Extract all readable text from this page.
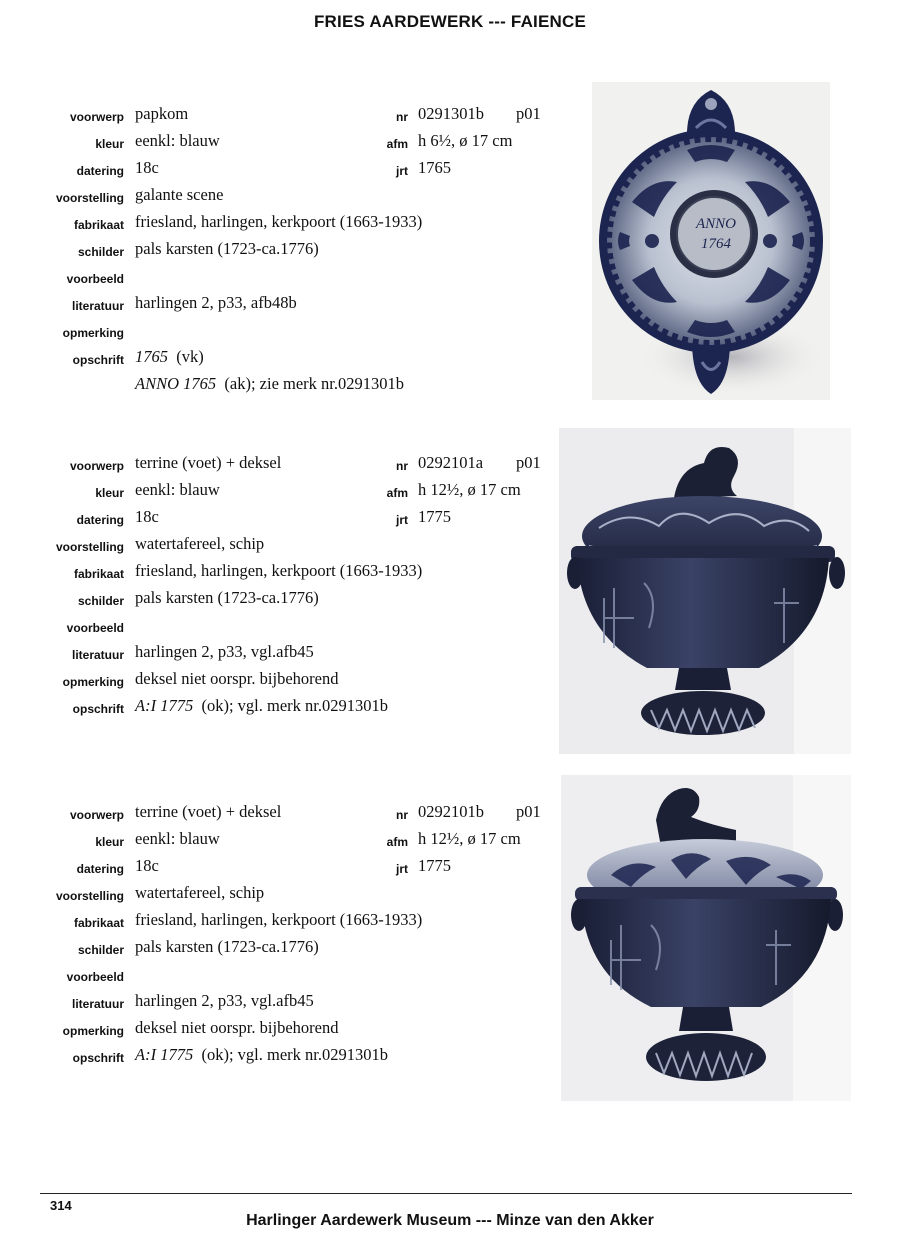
FRIES AARDEWERK --- FAIENCE
voorwerp papkom	nr 0291301b p01
kleur eenkl: blauw	afm h 6½, ø 17 cm
datering 18c	jrt 1765
voorstelling galante scene
fabrikaat friesland, harlingen, kerkpoort (1663-1933)
schilder pals karsten (1723-ca.1776)
voorbeeld
literatuur harlingen 2, p33, afb48b
opmerking
opschrift 1765 (vk)
ANNO 1765 (ak); zie merk nr.0291301b
ANNO
1764
voorwerp terrine (voet) + deksel	nr 0292101a p01
kleur eenkl: blauw	afm h 12½, ø 17 cm
datering 18c	jrt 1775
voorstelling watertafereel, schip
fabrikaat friesland, harlingen, kerkpoort (1663-1933)
schilder pals karsten (1723-ca.1776)
voorbeeld
literatuur harlingen 2, p33, vgl.afb45
opmerking deksel niet oorspr. bijbehorend
opschrift A:I 1775 (ok); vgl. merk nr.0291301b
voorwerp terrine (voet) + deksel	nr 0292101b p01
kleur eenkl: blauw	afm h 12½, ø 17 cm
datering 18c	jrt 1775
voorstelling watertafereel, schip
fabrikaat friesland, harlingen, kerkpoort (1663-1933)
schilder pals karsten (1723-ca.1776)
voorbeeld
literatuur harlingen 2, p33, vgl.afb45
opmerking deksel niet oorspr. bijbehorend
opschrift A:I 1775 (ok); vgl. merk nr.0291301b
314
Harlinger Aardewerk Museum --- Minze van den Akker
